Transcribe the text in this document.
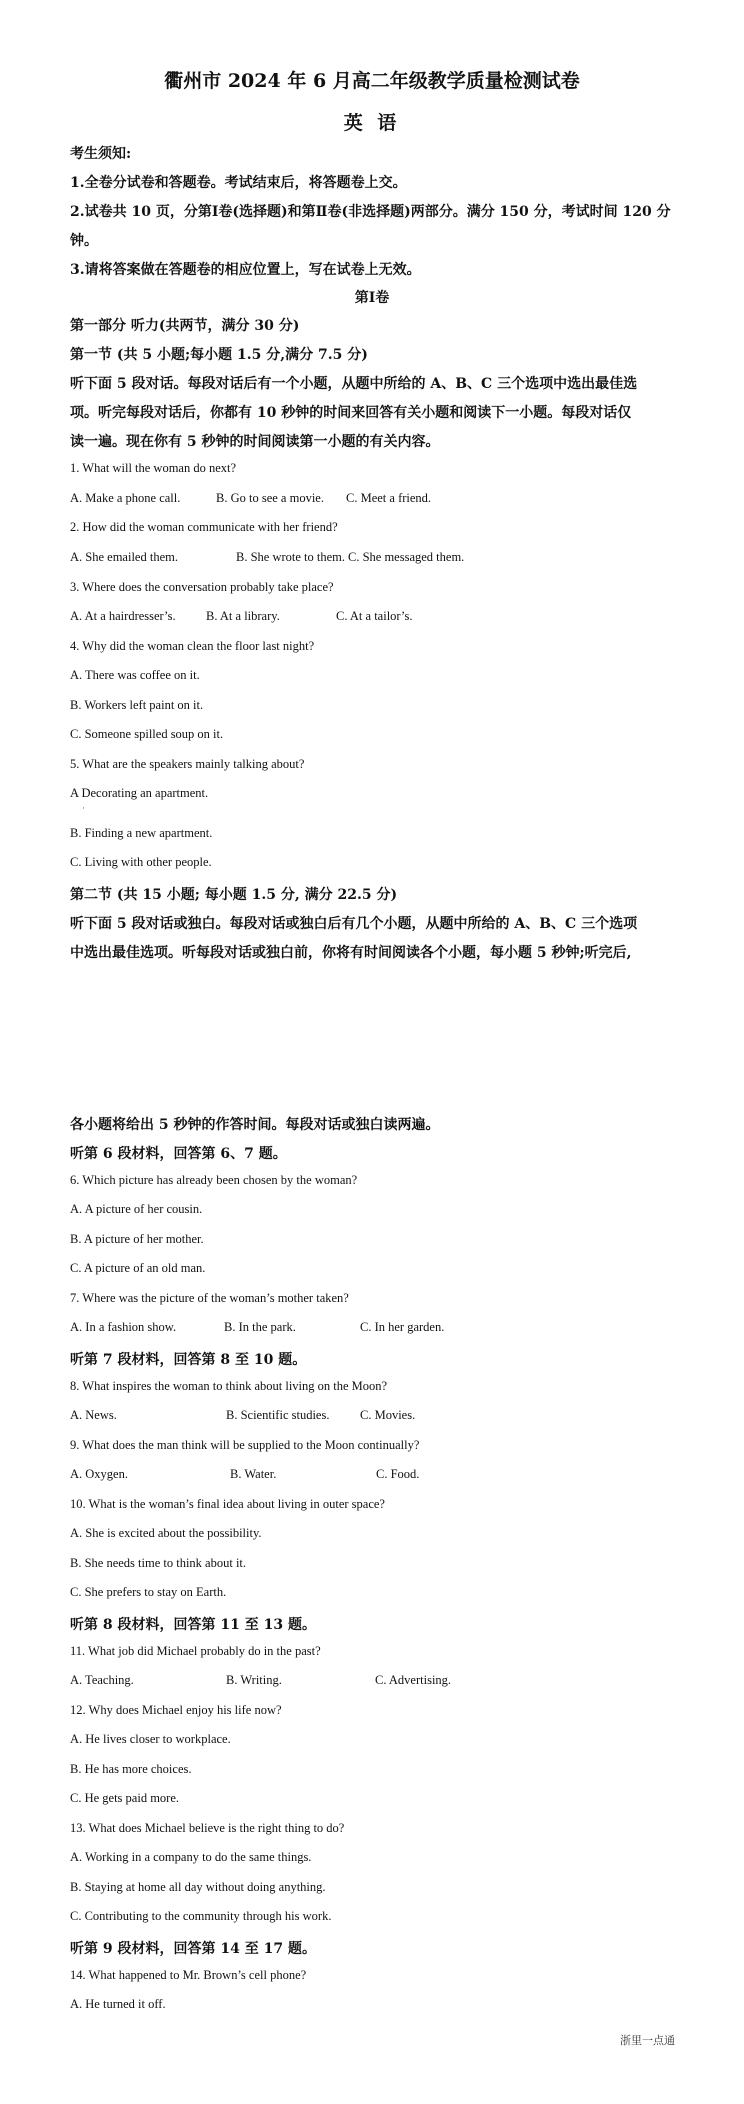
衢州市 2024 年 6 月高二年级教学质量检测试卷
英 语
考生须知:
1.全卷分试卷和答题卷。考试结束后，将答题卷上交。
2.试卷共 10 页，分第Ⅰ卷(选择题)和第Ⅱ卷(非选择题)两部分。满分 150 分，考试时间 120 分
钟。
3.请将答案做在答题卷的相应位置上，写在试卷上无效。
第Ⅰ卷
第一部分 听力(共两节，满分 30 分)
第一节 (共 5 小题;每小题 1.5 分,满分 7.5 分)
听下面 5 段对话。每段对话后有一个小题，从题中所给的 A、B、C 三个选项中选出最佳选
项。听完每段对话后，你都有 10 秒钟的时间来回答有关小题和阅读下一小题。每段对话仅
读一遍。现在你有 5 秒钟的时间阅读第一小题的有关内容。
1. What will the woman do next?
A. Make a phone call.	B. Go to see a movie. C. Meet a friend.
2. How did the woman communicate with her friend?
A. She emailed them.	B. She wrote to them. C. She messaged them.
3. Where does the conversation probably take place?
A. At a hairdresser’s. B. At a library.	C. At a tailor’s.
4. Why did the woman clean the floor last night?
A. There was coffee on it.
B. Workers left paint on it.
C. Someone spilled soup on it.
5. What are the speakers mainly talking about?
A Decorating an apartment.
·
B. Finding a new apartment.
C. Living with other people.
第二节 (共 15 小题; 每小题 1.5 分, 满分 22.5 分)
听下面 5 段对话或独白。每段对话或独白后有几个小题，从题中所给的 A、B、C 三个选项
中选出最佳选项。听每段对话或独白前，你将有时间阅读各个小题，每小题 5 秒钟;听完后,
各小题将给出 5 秒钟的作答时间。每段对话或独白读两遍。
听第 6 段材料，回答第 6、7 题。
6. Which picture has already been chosen by the woman?
A. A picture of her cousin.
B. A picture of her mother.
C. A picture of an old man.
7. Where was the picture of the woman’s mother taken?
A. In a fashion show.	B. In the park.	C. In her garden.
听第 7 段材料，回答第 8 至 10 题。
8. What inspires the woman to think about living on the Moon?
A. News.	B. Scientific studies. C. Movies.
9. What does the man think will be supplied to the Moon continually?
A. Oxygen.	B. Water.	C. Food.
10. What is the woman’s final idea about living in outer space?
A. She is excited about the possibility.
B. She needs time to think about it.
C. She prefers to stay on Earth.
听第 8 段材料，回答第 11 至 13 题。
11. What job did Michael probably do in the past?
A. Teaching.	B. Writing.	C. Advertising.
12. Why does Michael enjoy his life now?
A. He lives closer to workplace.
B. He has more choices.
C. He gets paid more.
13. What does Michael believe is the right thing to do?
A. Working in a company to do the same things.
B. Staying at home all day without doing anything.
C. Contributing to the community through his work.
听第 9 段材料，回答第 14 至 17 题。
14. What happened to Mr. Brown’s cell phone?
A. He turned it off.
浙里一点通
